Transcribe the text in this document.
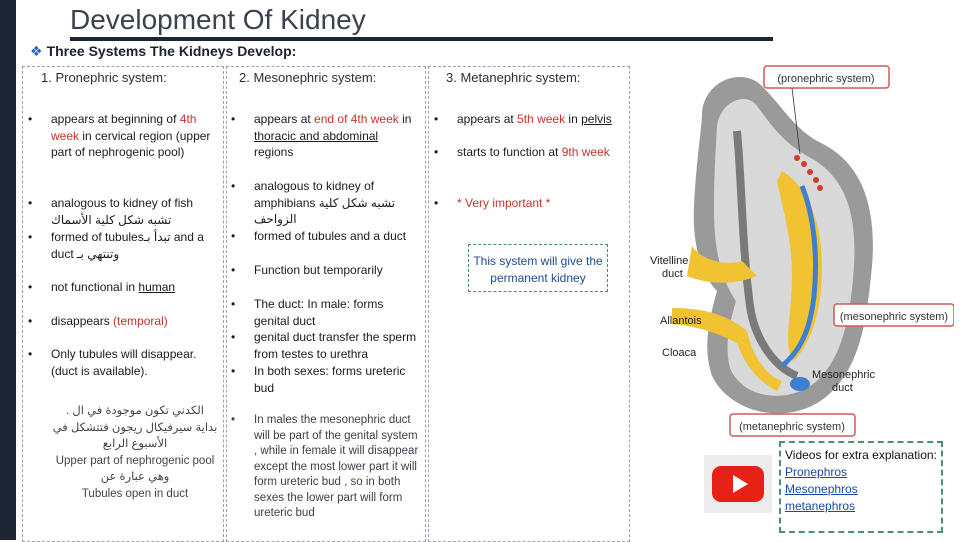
Development Of Kidney
❖ Three Systems The Kidneys Develop:
1. Pronephric system:
• appears at beginning of 4th week in cervical region (upper part of nephrogenic pool)
• analogous to kidney of fish
تشبه شكل كلية الأسماك
• formed of tubulesتبدأ بـ and a duct وتنتهي بـ
• not functional in human
• disappears (temporal)
• Only tubules will disappear.(duct is available).
الكدني تكون موجودة في ال .
بداية سيرفيكال ريجون فتتشكل في
الأسبوع الرابع
Upper part of nephrogenic pool
وهي عبارة عن
Tubules open in duct
2. Mesonephric system:
• appears at end of 4th week in thoracic and abdominal regions
• analogous to kidney of amphibians تشبه شكل كلية الزواحف
• formed of tubules and a duct
• Function but temporarily
• The duct: In male: forms genital duct
• genital duct transfer the sperm from testes to urethra
• In both sexes: forms ureteric bud
• In males the mesonephric duct will be part of the genital system , while in female it will disappear except the most lower part it will form ureteric bud , so in both sexes the lower part will form ureteric bud
3. Metanephric system:
• appears at 5th week in pelvis
• starts to function at 9th week
• * Very important *
This system will give the permanent kidney
(pronephric system)
(mesonephric system)
(metanephric system)
Vitelline duct
Allantois
Cloaca
Mesonephric duct
Videos for extra explanation:
Pronephros
Mesonephros
metanephros
